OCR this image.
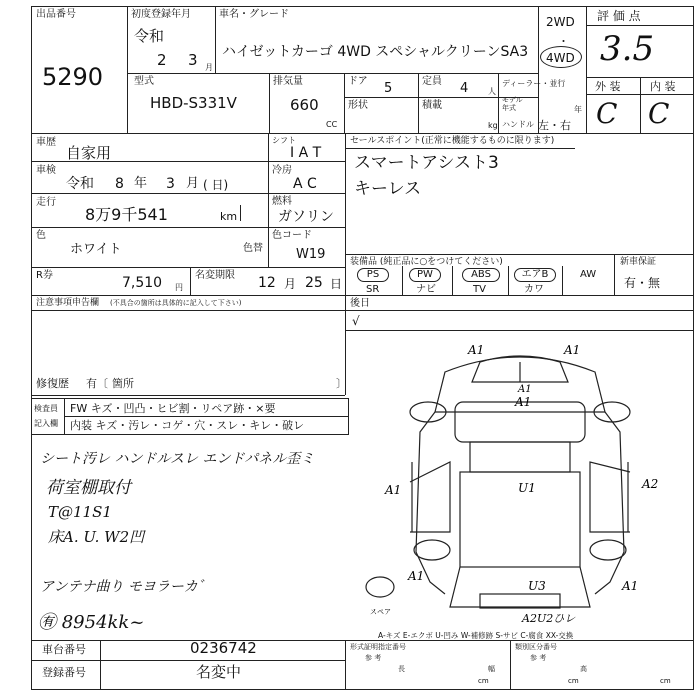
出品番号
5290
初度登録年月
令和
2 3 月
車名・グレード
ハイゼットカーゴ 4WD スペシャルクリーンSA3
2WD
4WD
・
評 価 点
3.5
外 装	内 装
C C
型式
HBD-S331V
排気量
660
CC
ドア 5
形状
定員 4 人
積載
kg
ディーラー・並行
モデル
年式	年
ハンドル 左・右
車歴
自家用
シフト
I A T
車検
令和 8 年 3 月 ( 日)
冷房
A C
走行
8万9千541	km
燃料
ガソリン
色
ホワイト	色替
色コード
W19
R券	7,510 円
名変期限 12 月 25 日
セールスポイント(正常に機能するものに限ります)
スマートアシスト3
キーレス
装備品 (純正品に○をつけてください)	新車保証
有・無
PS
SR
PW
ナビ
ABS
TV
エアB
カワ
AW
注意事項申告欄 (不具合の箇所は具体的に記入して下さい)
修復歴 有〔 箇所	〕
後日
√
検査員
記入欄
FW キズ・凹凸・ヒビ割・リペア跡・×要
内装 キズ・汚レ・コゲ・穴・スレ・キレ・破レ
シート汚レ ハンドルスレ エンドパネル歪ミ
荷室棚取付
T@11S1
床A. U. W2凹
アンテナ曲り モヨラーカ゛
㊒ 8954kk~
A1	A1
A1
A1	U1	A2
A1
U3	A1
A2U2ひレ
A1
スペア
A-キズ E-エクボ U-凹み W-補修跡 S-サビ C-腐食 XX-交換
車台番号	0236742
登録番号	名変中
形式証明指定番号
参 考
長
cm
類別区分番号
参 考
幅	高
cm	cm
